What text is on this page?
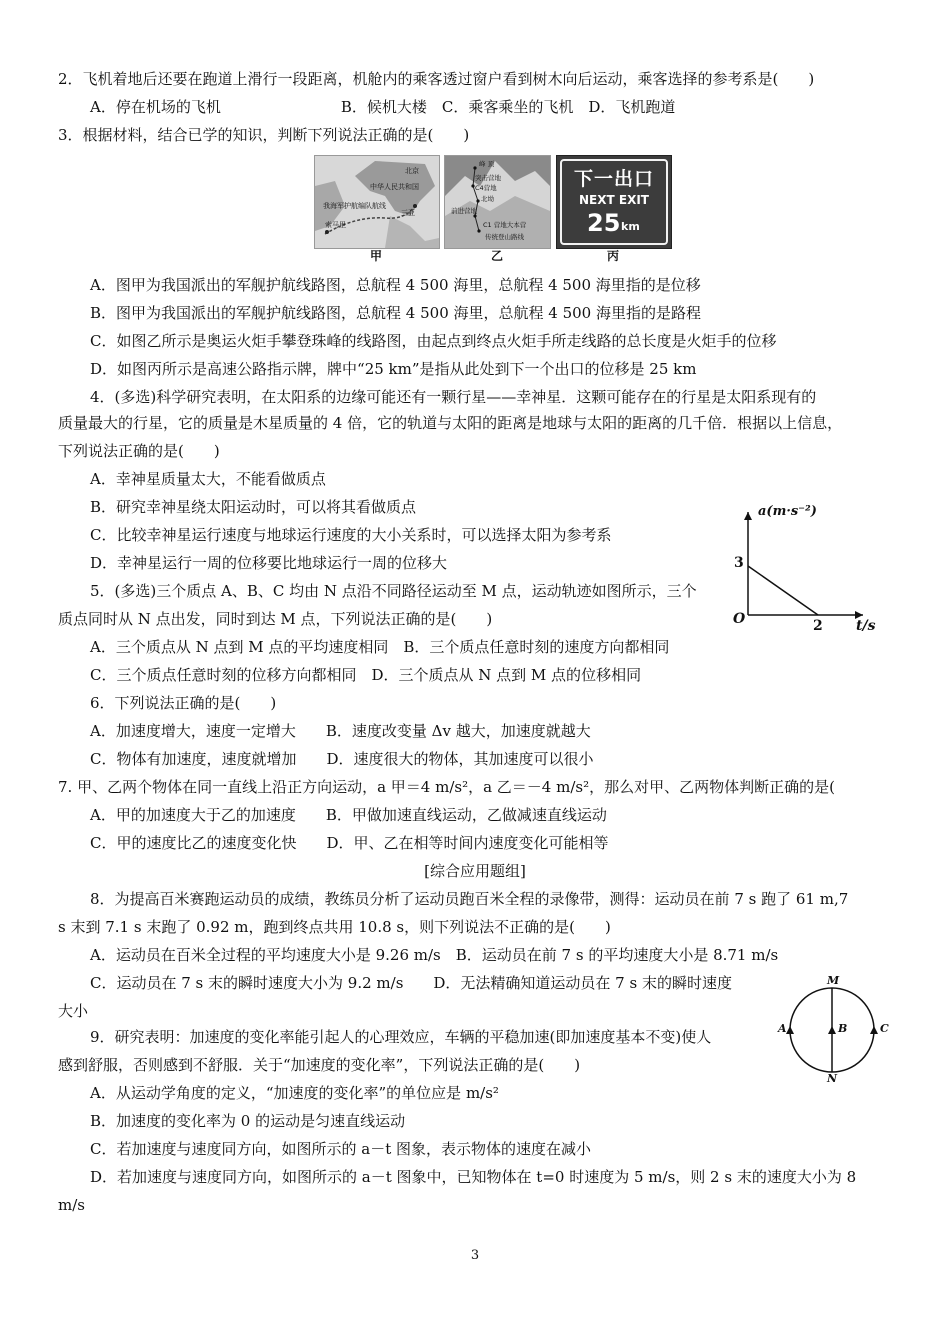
2．飞机着地后还要在跑道上滑行一段距离，机舱内的乘客透过窗户看到树木向后运动，乘客选择的参考系是(　　)
A．停在机场的飞机　　　　　　　　B．候机大楼　C．乘客乘坐的飞机　D．飞机跑道
3．根据材料，结合已学的知识，判断下列说法正确的是(　　)
北京
中华人民共和国
我海军护航编队航线
索马里
三亚
峰 顶
突击营地
C4营地
北坳
前进营地
C1 营地大本营
传统登山路线
下一出口
NEXT EXIT
25 km
甲	乙	丙
A．图甲为我国派出的军舰护航线路图，总航程 4 500 海里，总航程 4 500 海里指的是位移
B．图甲为我国派出的军舰护航线路图，总航程 4 500 海里，总航程 4 500 海里指的是路程
C．如图乙所示是奥运火炬手攀登珠峰的线路图，由起点到终点火炬手所走线路的总长度是火炬手的位移
D．如图丙所示是高速公路指示牌，牌中“25 km”是指从此处到下一个出口的位移是 25 km
4．(多选)科学研究表明，在太阳系的边缘可能还有一颗行星——幸神星．这颗可能存在的行星是太阳系现有的
质量最大的行星，它的质量是木星质量的 4 倍，它的轨道与太阳的距离是地球与太阳的距离的几千倍．根据以上信息，
下列说法正确的是(　　)
A．幸神星质量太大，不能看做质点
B．研究幸神星绕太阳运动时，可以将其看做质点
C．比较幸神星运行速度与地球运行速度的大小关系时，可以选择太阳为参考系
D．幸神星运行一周的位移要比地球运行一周的位移大
5．(多选)三个质点 A、B、C 均由 N 点沿不同路径运动至 M 点，运动轨迹如图所示，三个
质点同时从 N 点出发，同时到达 M 点，下列说法正确的是(　　)
A．三个质点从 N 点到 M 点的平均速度相同　B．三个质点任意时刻的速度方向都相同
C．三个质点任意时刻的位移方向都相同　D．三个质点从 N 点到 M 点的位移相同
6．下列说法正确的是(　　)
A．加速度增大，速度一定增大　　B．速度改变量 Δv 越大，加速度就越大
C．物体有加速度，速度就增加　　D．速度很大的物体，其加速度可以很小
7. 甲、乙两个物体在同一直线上沿正方向运动，a 甲＝4 m/s²，a 乙＝－4 m/s²，那么对甲、乙两物体判断正确的是(
A．甲的加速度大于乙的加速度　　B．甲做加速直线运动，乙做减速直线运动
C．甲的速度比乙的速度变化快　　D．甲、乙在相等时间内速度变化可能相等
[综合应用题组]
8．为提高百米赛跑运动员的成绩，教练员分析了运动员跑百米全程的录像带，测得：运动员在前 7 s 跑了 61 m,7
s 末到 7.1 s 末跑了 0.92 m，跑到终点共用 10.8 s，则下列说法不正确的是(　　)
A．运动员在百米全过程的平均速度大小是 9.26 m/s　B．运动员在前 7 s 的平均速度大小是 8.71 m/s
C．运动员在 7 s 末的瞬时速度大小为 9.2 m/s　　D．无法精确知道运动员在 7 s 末的瞬时速度
大小
9．研究表明：加速度的变化率能引起人的心理效应，车辆的平稳加速(即加速度基本不变)使人
感到舒服，否则感到不舒服．关于“加速度的变化率”，下列说法正确的是(　　)
A．从运动学角度的定义，“加速度的变化率”的单位应是 m/s²
B．加速度的变化率为 0 的运动是匀速直线运动
C．若加速度与速度同方向，如图所示的 a－t 图象，表示物体的速度在减小
D．若加速度与速度同方向，如图所示的 a－t 图象中，已知物体在 t=0 时速度为 5 m/s，则 2 s 末的速度大小为 8
m/s
a(m·s⁻²)
t/s
O
3
2
M
N
A	B	C
3
